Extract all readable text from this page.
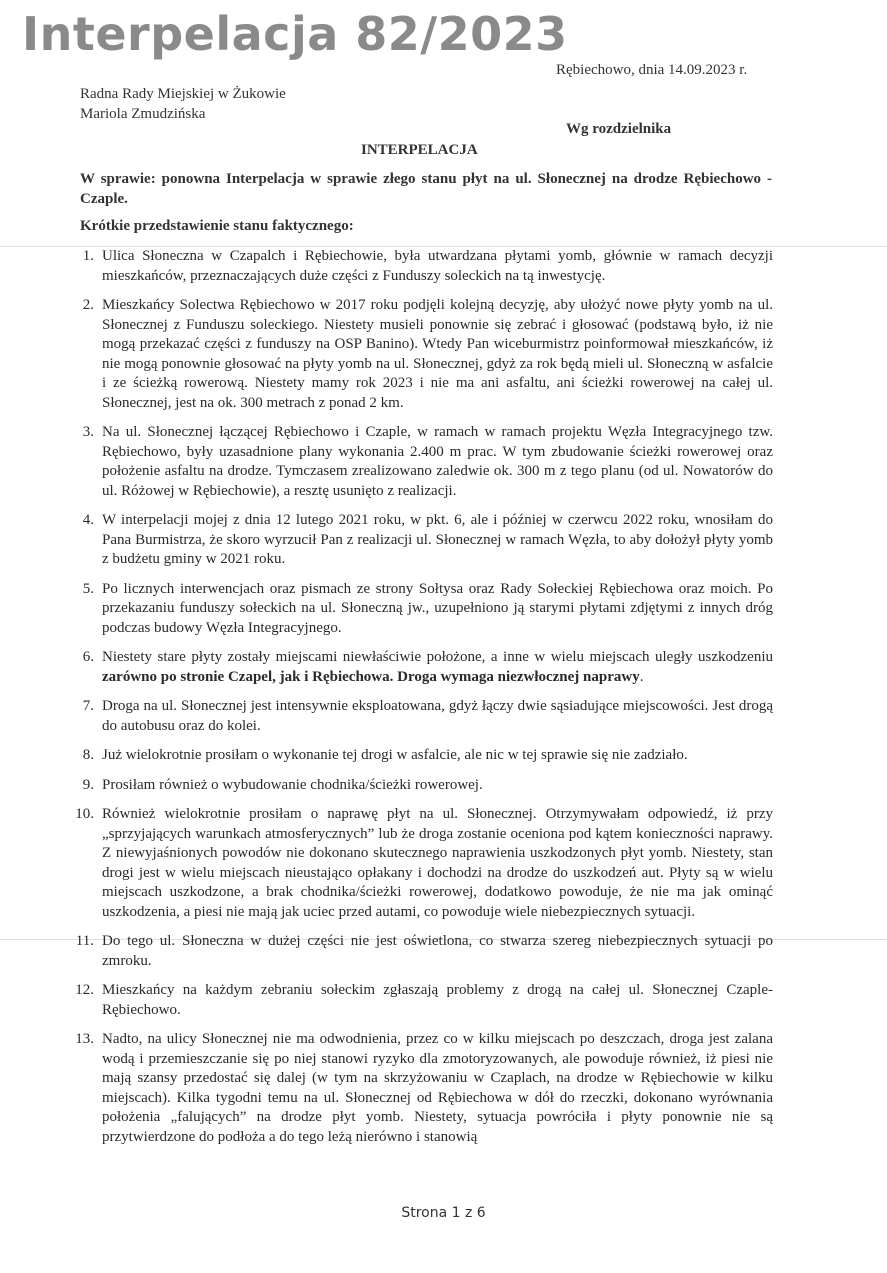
Interpelacja 82/2023
Rębiechowo, dnia 14.09.2023 r.
Radna Rady Miejskiej w Żukowie
Mariola Zmudzińska
Wg rozdzielnika
INTERPELACJA
W sprawie: ponowna Interpelacja w sprawie złego stanu płyt na ul. Słonecznej na drodze Rębiechowo - Czaple.
Krótkie przedstawienie stanu faktycznego:
1. Ulica Słoneczna w Czapalch i Rębiechowie, była utwardzana płytami yomb, głównie w ramach decyzji mieszkańców, przeznaczających duże części z Funduszy soleckich na tą inwestycję.
2. Mieszkańcy Solectwa Rębiechowo w 2017 roku podjęli kolejną decyzję, aby ułożyć nowe płyty yomb na ul. Słonecznej z Funduszu soleckiego. Niestety musieli ponownie się zebrać i głosować (podstawą było, iż nie mogą przekazać części z funduszy na OSP Banino). Wtedy Pan wiceburmistrz poinformował mieszkańców, iż nie mogą ponownie głosować na płyty yomb na ul. Słonecznej, gdyż za rok będą mieli ul. Słoneczną w asfalcie i ze ścieżką rowerową. Niestety mamy rok 2023 i nie ma ani asfaltu, ani ścieżki rowerowej na całej ul. Słonecznej, jest na ok. 300 metrach z ponad 2 km.
3. Na ul. Słonecznej łączącej Rębiechowo i Czaple, w ramach w ramach projektu Węzła Integracyjnego tzw. Rębiechowo, były uzasadnione plany wykonania 2.400 m prac. W tym zbudowanie ścieżki rowerowej oraz położenie asfaltu na drodze. Tymczasem zrealizowano zaledwie ok. 300 m z tego planu (od ul. Nowatorów do ul. Różowej w Rębiechowie), a resztę usunięto z realizacji.
4. W interpelacji mojej z dnia 12 lutego 2021 roku, w pkt. 6, ale i później w czerwcu 2022 roku, wnosiłam do Pana Burmistrza, że skoro wyrzucił Pan z realizacji ul. Słonecznej w ramach Węzła, to aby dołożył płyty yomb z budżetu gminy w 2021 roku.
5. Po licznych interwencjach oraz pismach ze strony Sołtysa oraz Rady Sołeckiej Rębiechowa oraz moich. Po przekazaniu funduszy sołeckich na ul. Słoneczną jw., uzupełniono ją starymi płytami zdjętymi z innych dróg podczas budowy Węzła Integracyjnego.
6. Niestety stare płyty zostały miejscami niewłaściwie położone, a inne w wielu miejscach uległy uszkodzeniu zarówno po stronie Czapel, jak i Rębiechowa. Droga wymaga niezwłocznej naprawy.
7. Droga na ul. Słonecznej jest intensywnie eksploatowana, gdyż łączy dwie sąsiadujące miejscowości. Jest drogą do autobusu oraz do kolei.
8. Już wielokrotnie prosiłam o wykonanie tej drogi w asfalcie, ale nic w tej sprawie się nie zadziało.
9. Prosiłam również o wybudowanie chodnika/ścieżki rowerowej.
10. Również wielokrotnie prosiłam o naprawę płyt na ul. Słonecznej. Otrzymywałam odpowiedź, iż przy „sprzyjających warunkach atmosferycznych” lub że droga zostanie oceniona pod kątem konieczności naprawy. Z niewyjaśnionych powodów nie dokonano skutecznego naprawienia uszkodzonych płyt yomb. Niestety, stan drogi jest w wielu miejscach nieustająco opłakany i dochodzi na drodze do uszkodzeń aut. Płyty są w wielu miejscach uszkodzone, a brak chodnika/ścieżki rowerowej, dodatkowo powoduje, że nie ma jak ominąć uszkodzenia, a piesi nie mają jak uciec przed autami, co powoduje wiele niebezpiecznych sytuacji.
11. Do tego ul. Słoneczna w dużej części nie jest oświetlona, co stwarza szereg niebezpiecznych sytuacji po zmroku.
12. Mieszkańcy na każdym zebraniu sołeckim zgłaszają problemy z drogą na całej ul. Słonecznej Czaple-Rębiechowo.
13. Nadto, na ulicy Słonecznej nie ma odwodnienia, przez co w kilku miejscach po deszczach, droga jest zalana wodą i przemieszczanie się po niej stanowi ryzyko dla zmotoryzowanych, ale powoduje również, iż piesi nie mają szansy przedostać się dalej (w tym na skrzyżowaniu w Czaplach, na drodze w Rębiechowie w kilku miejscach). Kilka tygodni temu na ul. Słonecznej od Rębiechowa w dół do rzeczki, dokonano wyrównania położenia „falujących” na drodze płyt yomb. Niestety, sytuacja powróciła i płyty ponownie nie są przytwierdzone do podłoża a do tego leżą nierówno i stanowią
Strona 1 z 6
